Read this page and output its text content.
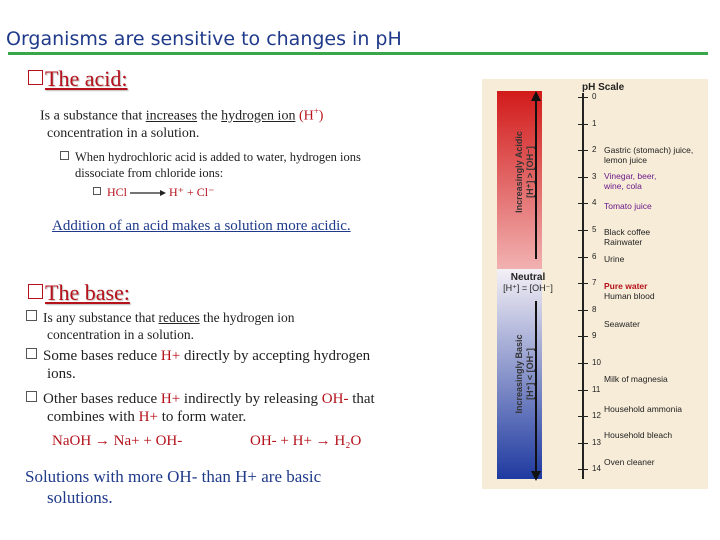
Organisms are sensitive to changes in pH
The acid:
Is a substance that increases the hydrogen ion (H+)
concentration in a solution.
When hydrochloric acid is added to water, hydrogen ions
dissociate from chloride ions:
HCl → H⁺ + Cl⁻
Addition of an acid makes a solution more acidic.
The base:
Is any substance that reduces the hydrogen ion
concentration in a solution.
Some bases reduce H+ directly by accepting hydrogen
ions.
Other bases reduce H+ indirectly by releasing OH- that
combines with H+ to form water.
NaOH → Na+ + OH-	OH- + H+ → H₂O
Solutions with more OH- than H+ are basic
solutions.
pH Scale
Increasingly Acidic
[H⁺] > [OH⁻]
Neutral
[H⁺] = [OH⁻]
Increasingly Basic
[H⁺] < [OH⁻]
0
1
2
3
4
5
6
7
8
9
10
11
12
13
14
Gastric (stomach) juice, lemon juice
Vinegar, beer, wine, cola
Tomato juice
Black coffee Rainwater
Urine
Pure water
Human blood
Seawater
Milk of magnesia
Household ammonia
Household bleach
Oven cleaner
